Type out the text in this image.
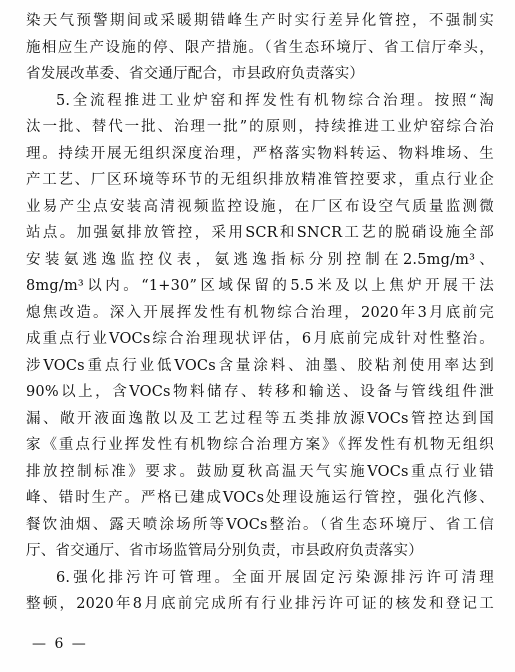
染天气预警期间或采暖期错峰生产时实行差异化管控，不强制实
施相应生产设施的停、限产措施。（省生态环境厅、省工信厅牵头，
省发展改革委、省交通厅配合，市县政府负责落实）
5.全流程推进工业炉窑和挥发性有机物综合治理。按照“淘
汰一批、替代一批、治理一批”的原则，持续推进工业炉窑综合治
理。持续开展无组织深度治理，严格落实物料转运、物料堆场、生
产工艺、厂区环境等环节的无组织排放精准管控要求，重点行业企
业易产尘点安装高清视频监控设施，在厂区布设空气质量监测微
站点。加强氨排放管控，采用SCR和SNCR工艺的脱硝设施全部
安装氨逃逸监控仪表，氨逃逸指标分别控制在2.5mg/m³、
8mg/m³以内。“1+30”区域保留的5.5米及以上焦炉开展干法
熄焦改造。深入开展挥发性有机物综合治理，2020年3月底前完
成重点行业VOCs综合治理现状评估，6月底前完成针对性整治。
涉VOCs重点行业低VOCs含量涂料、油墨、胶粘剂使用率达到
90%以上，含VOCs物料储存、转移和输送、设备与管线组件泄
漏、敞开液面逸散以及工艺过程等五类排放源VOCs管控达到国
家《重点行业挥发性有机物综合治理方案》《挥发性有机物无组织
排放控制标准》要求。鼓励夏秋高温天气实施VOCs重点行业错
峰、错时生产。严格已建成VOCs处理设施运行管控，强化汽修、
餐饮油烟、露天喷涂场所等VOCs整治。（省生态环境厅、省工信
厅、省交通厅、省市场监管局分别负责，市县政府负责落实）
6.强化排污许可管理。全面开展固定污染源排污许可清理
整顿，2020年8月底前完成所有行业排污许可证的核发和登记工
— 6 —
